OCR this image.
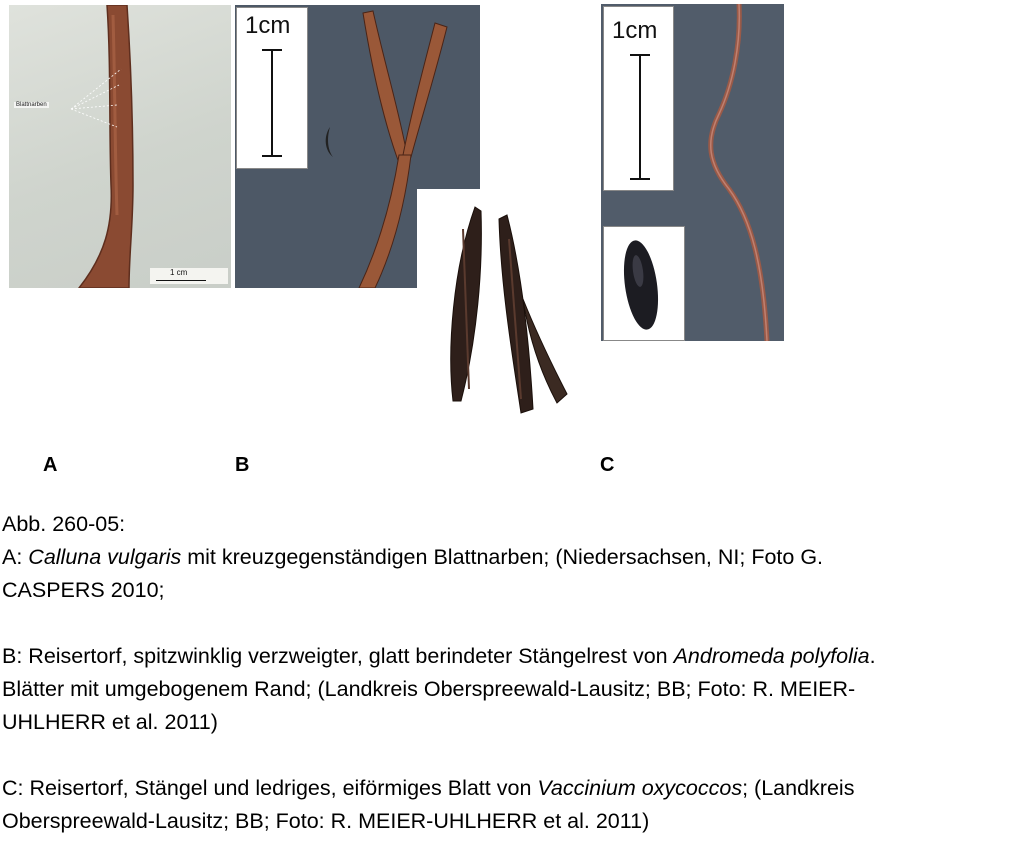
Blattnarben
1 cm
1cm	1cm
A	B	C

Abb. 260-05:

A: Calluna vulgaris mit kreuzgegenständigen Blattnarben; (Niedersachsen, NI; Foto G.

CASPERS 2010;

B: Reisertorf, spitzwinklig verzweigter, glatt berindeter Stängelrest von Andromeda polyfolia.

Blätter mit umgebogenem Rand; (Landkreis Oberspreewald-Lausitz; BB; Foto: R. MEIER-

UHLHERR et al. 2011)

C: Reisertorf, Stängel und ledriges, eiförmiges Blatt von Vaccinium oxycoccos; (Landkreis

Oberspreewald-Lausitz; BB; Foto: R. MEIER-UHLHERR et al. 2011)
